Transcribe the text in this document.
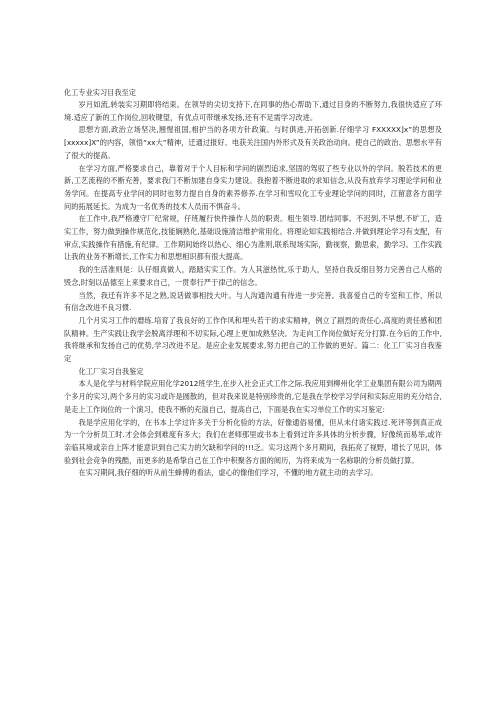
化工专业实习目我至定

岁月如流,转装实习期即将结束。在领导的尖切支持下,在同事的热心帮助下,通过目身的不断努力,我很快适应了环境.适应了新的工作岗位,回收键望，有优点可带继承发扬,还有不足需学习改进。

思想方面,政治立场坚决,翘惺祖国,相护当的各项方针政策。与时俱进,开拓创新.仔细学习 FXXXXX]x”的思想及[xxxxx]X”的内容，领悟“xx大”精神，迁通过报好、电获关注国内外形式及有关政治动向。使自己的政治、思想水平有了很大的提高。

在学习方面,严格要求自己，靠着对于个人目标和学问的剧烈追求,坚固的驾驭了些专业以外的学问。脱若技术的更新,工艺流程的不断充善，要求我门不断加建自身实力建设。我抱着不断进取的求知信念,从没有放弃学习理论学问和业务学问。在提高专业学问的同时也努力提自自身的素养修养.在学习和雪叹化工专业理论学问的同时，江留意各方面学问的拓展延长。为成为一名优秀的技术人员而不惧奋斗。

在工作中,我严格遵守厂纪常规，仔班履行快件操作人员的职责。粗生领导.团结同事。不迟到,不早想,不旷工，造实工作，努力做到操作规范化,技能娴熟化,基础设施清洁维护常用化。将理论知实践相结合.并做到理论学习有支配，有审点,实践操作有措施,有纪律。工作期间始终以热心、细心为准则,联系现场实际，勤视察，勤思索，勤学习。工作实践让我的业务不断增长,工作实力和思想相识都有很大提高。

我的生活准则是：认仔细真做人，踏踏实实工作。为人其滋热忱,乐于助人，坚持自我反细目努力完善自己人格的毁念,时刻以品德至上来要求自己，一贯奉行严于律己的信念。

当然，我迁有许多不足之熟,说话做事相技大叶。与人沟通沟通有待进一步完善。我喜爱自己的专室和工作，所以有信念改进不良习惯.

几个月实习工作的磨练.培育了我良好的工作作风和埋头若干的求实精神，例立了剧烈的责任心,高度的责任感和团队精神。生产实践让我学会脱离浮理和不切实际,心理上更加成熟坚决。为走向工作岗位做好充分打算.在今后的工作中,我将继承和发扬自己的优势,学习改进不足。是应企业发展要求,努力把自己的工作做的更好。篇二：化工厂实习自我鉴定

化工厂实习自我鉴定

本人是化学与材料学院应用化学2012班学生,在步入社会正式工作之际.我应用到柳州化学工业集团有限公司为期两个多月的实习,两个多月的实习或许是圆散的，但对我来说是特别珍贵的,它是我在学校学习学问和实际应用的充分结合,是走上工作岗位的一个演习，使我不断的充溢自己，提高自己，下面是我在实习单位工作的实习鉴定:

我是学应用化学的，在书本上学过许多关于分析化验的方法，好像通俗易懂，但从未付诸实践过.死评等到真正成为一个分析员工时.才会体会到难度有多大；我们在老师那里或书本上看到过许多具体的分析步骤，好像统而易举,或许亲临其境或亲自上阵才能意识到自己实力的欠缺和学问的!!!乏。实习这两个多月期间，我拓亮了视野，增长了见识，体验到社会竞争的残酷，而更多的是希挚自己在工作中积聚各方面的阅历，为将来成为一名称职的分析员做打算。

在实习期间,我仔细的听从前生蜂傅的看法，虚心的像他们学习，不懂的地方就主动的去学习。
